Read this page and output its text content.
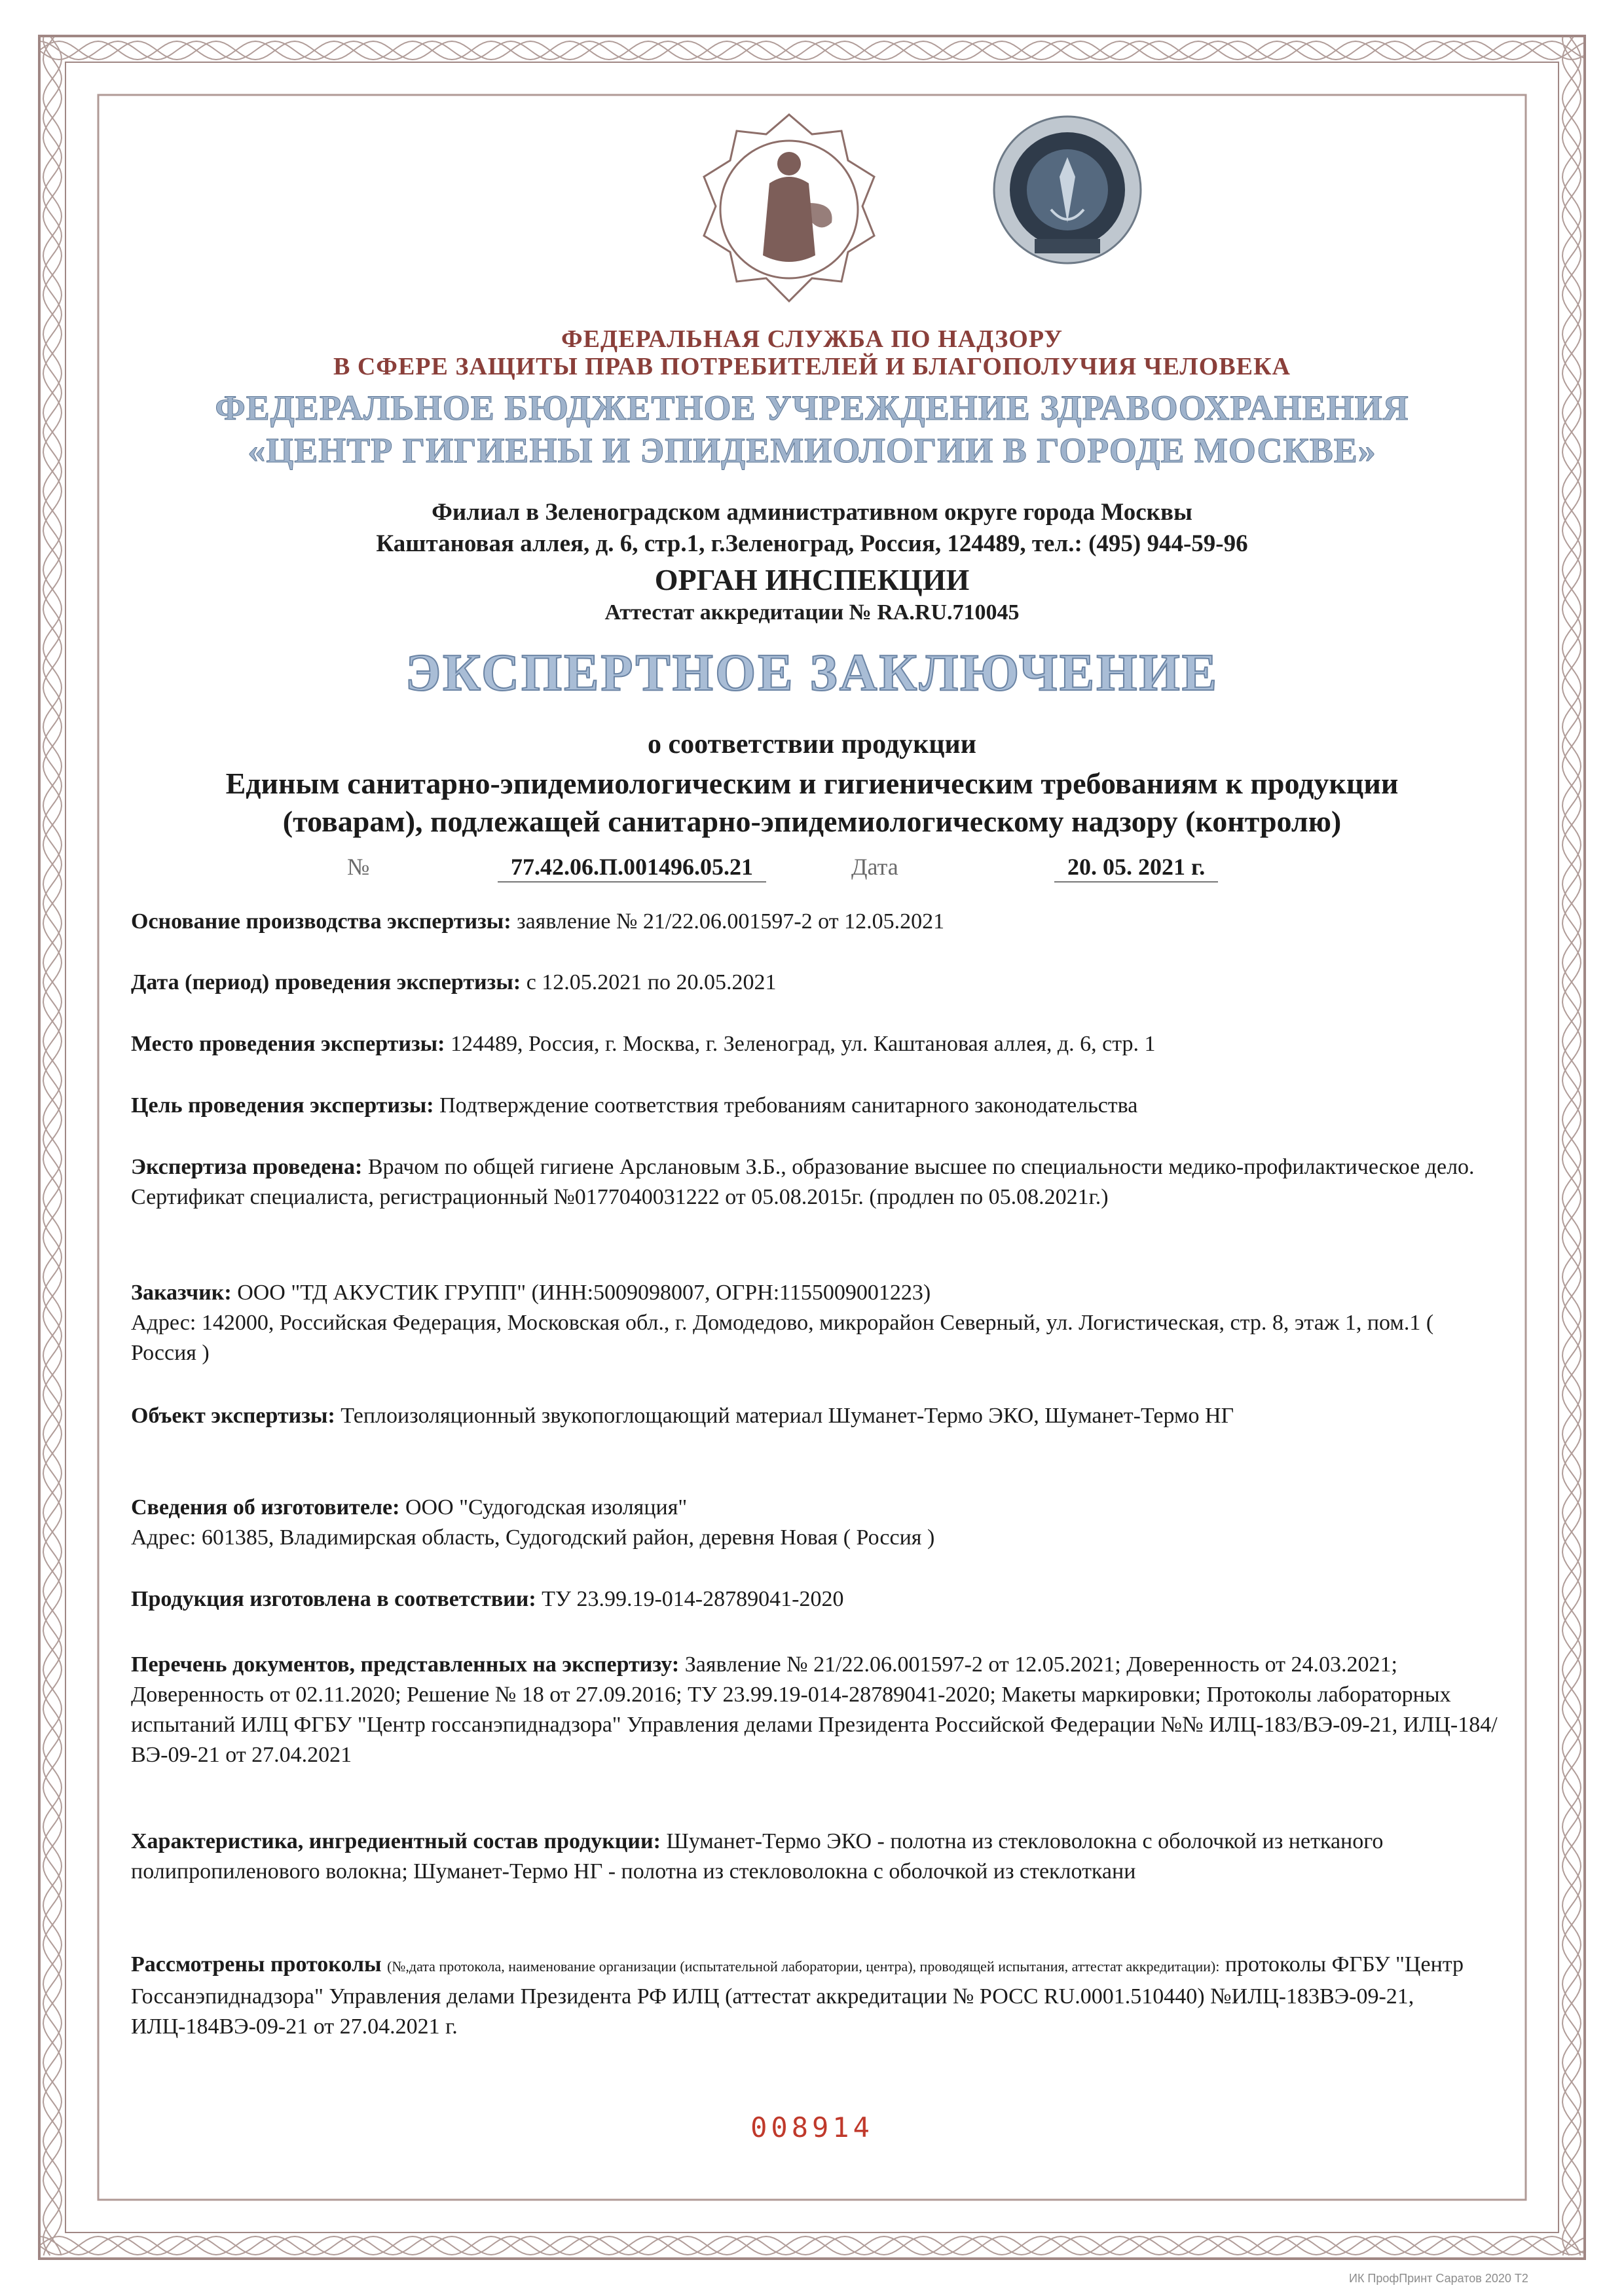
ФЕДЕРАЛЬНАЯ СЛУЖБА ПО НАДЗОРУ
В СФЕРЕ ЗАЩИТЫ ПРАВ ПОТРЕБИТЕЛЕЙ И БЛАГОПОЛУЧИЯ ЧЕЛОВЕКА
ФЕДЕРАЛЬНОЕ БЮДЖЕТНОЕ УЧРЕЖДЕНИЕ ЗДРАВООХРАНЕНИЯ
«ЦЕНТР ГИГИЕНЫ И ЭПИДЕМИОЛОГИИ В ГОРОДЕ МОСКВЕ»
Филиал в Зеленоградском административном округе города Москвы
Каштановая аллея, д. 6, стр.1, г.Зеленоград, Россия, 124489, тел.: (495) 944-59-96
ОРГАН ИНСПЕКЦИИ
Аттестат аккредитации № RA.RU.710045
ЭКСПЕРТНОЕ ЗАКЛЮЧЕНИЕ
о соответствии продукции
Единым санитарно-эпидемиологическим и гигиеническим требованиям к продукции
(товарам), подлежащей санитарно-эпидемиологическому надзору (контролю)
№	77.42.06.П.001496.05.21	Дата	20. 05. 2021 г.
Основание производства экспертизы: заявление № 21/22.06.001597-2 от 12.05.2021
Дата (период) проведения экспертизы: с 12.05.2021 по 20.05.2021
Место проведения экспертизы: 124489, Россия, г. Москва, г. Зеленоград, ул. Каштановая аллея, д. 6, стр. 1
Цель проведения экспертизы: Подтверждение соответствия требованиям санитарного законодательства
Экспертиза проведена: Врачом по общей гигиене Арслановым З.Б., образование высшее по специальности медико-профилактическое дело. Сертификат специалиста, регистрационный №0177040031222 от 05.08.2015г. (продлен по 05.08.2021г.)
Заказчик: ООО "ТД АКУСТИК ГРУПП" (ИНН:5009098007, ОГРН:1155009001223)
Адрес: 142000, Российская Федерация, Московская обл., г. Домодедово, микрорайон Северный, ул. Логистическая, стр. 8, этаж 1, пом.1 ( Россия )
Объект экспертизы: Теплоизоляционный звукопоглощающий материал Шуманет-Термо ЭКО, Шуманет-Термо НГ
Сведения об изготовителе: ООО "Судогодская изоляция"
Адрес: 601385, Владимирская область, Судогодский район, деревня Новая ( Россия )
Продукция изготовлена в соответствии: ТУ 23.99.19-014-28789041-2020
Перечень документов, представленных на экспертизу: Заявление № 21/22.06.001597-2 от 12.05.2021; Доверенность от 24.03.2021; Доверенность от 02.11.2020; Решение № 18 от 27.09.2016; ТУ 23.99.19-014-28789041-2020; Макеты маркировки; Протоколы лабораторных испытаний ИЛЦ ФГБУ "Центр госсанэпиднадзора" Управления делами Президента Российской Федерации №№ ИЛЦ-183/ВЭ-09-21, ИЛЦ-184/ВЭ-09-21 от 27.04.2021
Характеристика, ингредиентный состав продукции: Шуманет-Термо ЭКО - полотна из стекловолокна с оболочкой из нетканого полипропиленового волокна; Шуманет-Термо НГ - полотна из стекловолокна с оболочкой из стеклоткани
Рассмотрены протоколы (№,дата протокола, наименование организации (испытательной лаборатории, центра), проводящей испытания, аттестат аккредитации): протоколы ФГБУ "Центр Госсанэпиднадзора" Управления делами Президента РФ ИЛЦ (аттестат аккредитации № РОСС RU.0001.510440) №ИЛЦ-183ВЭ-09-21, ИЛЦ-184ВЭ-09-21 от 27.04.2021 г.
008914
ИК ПрофПринт Саратов 2020 Т2
